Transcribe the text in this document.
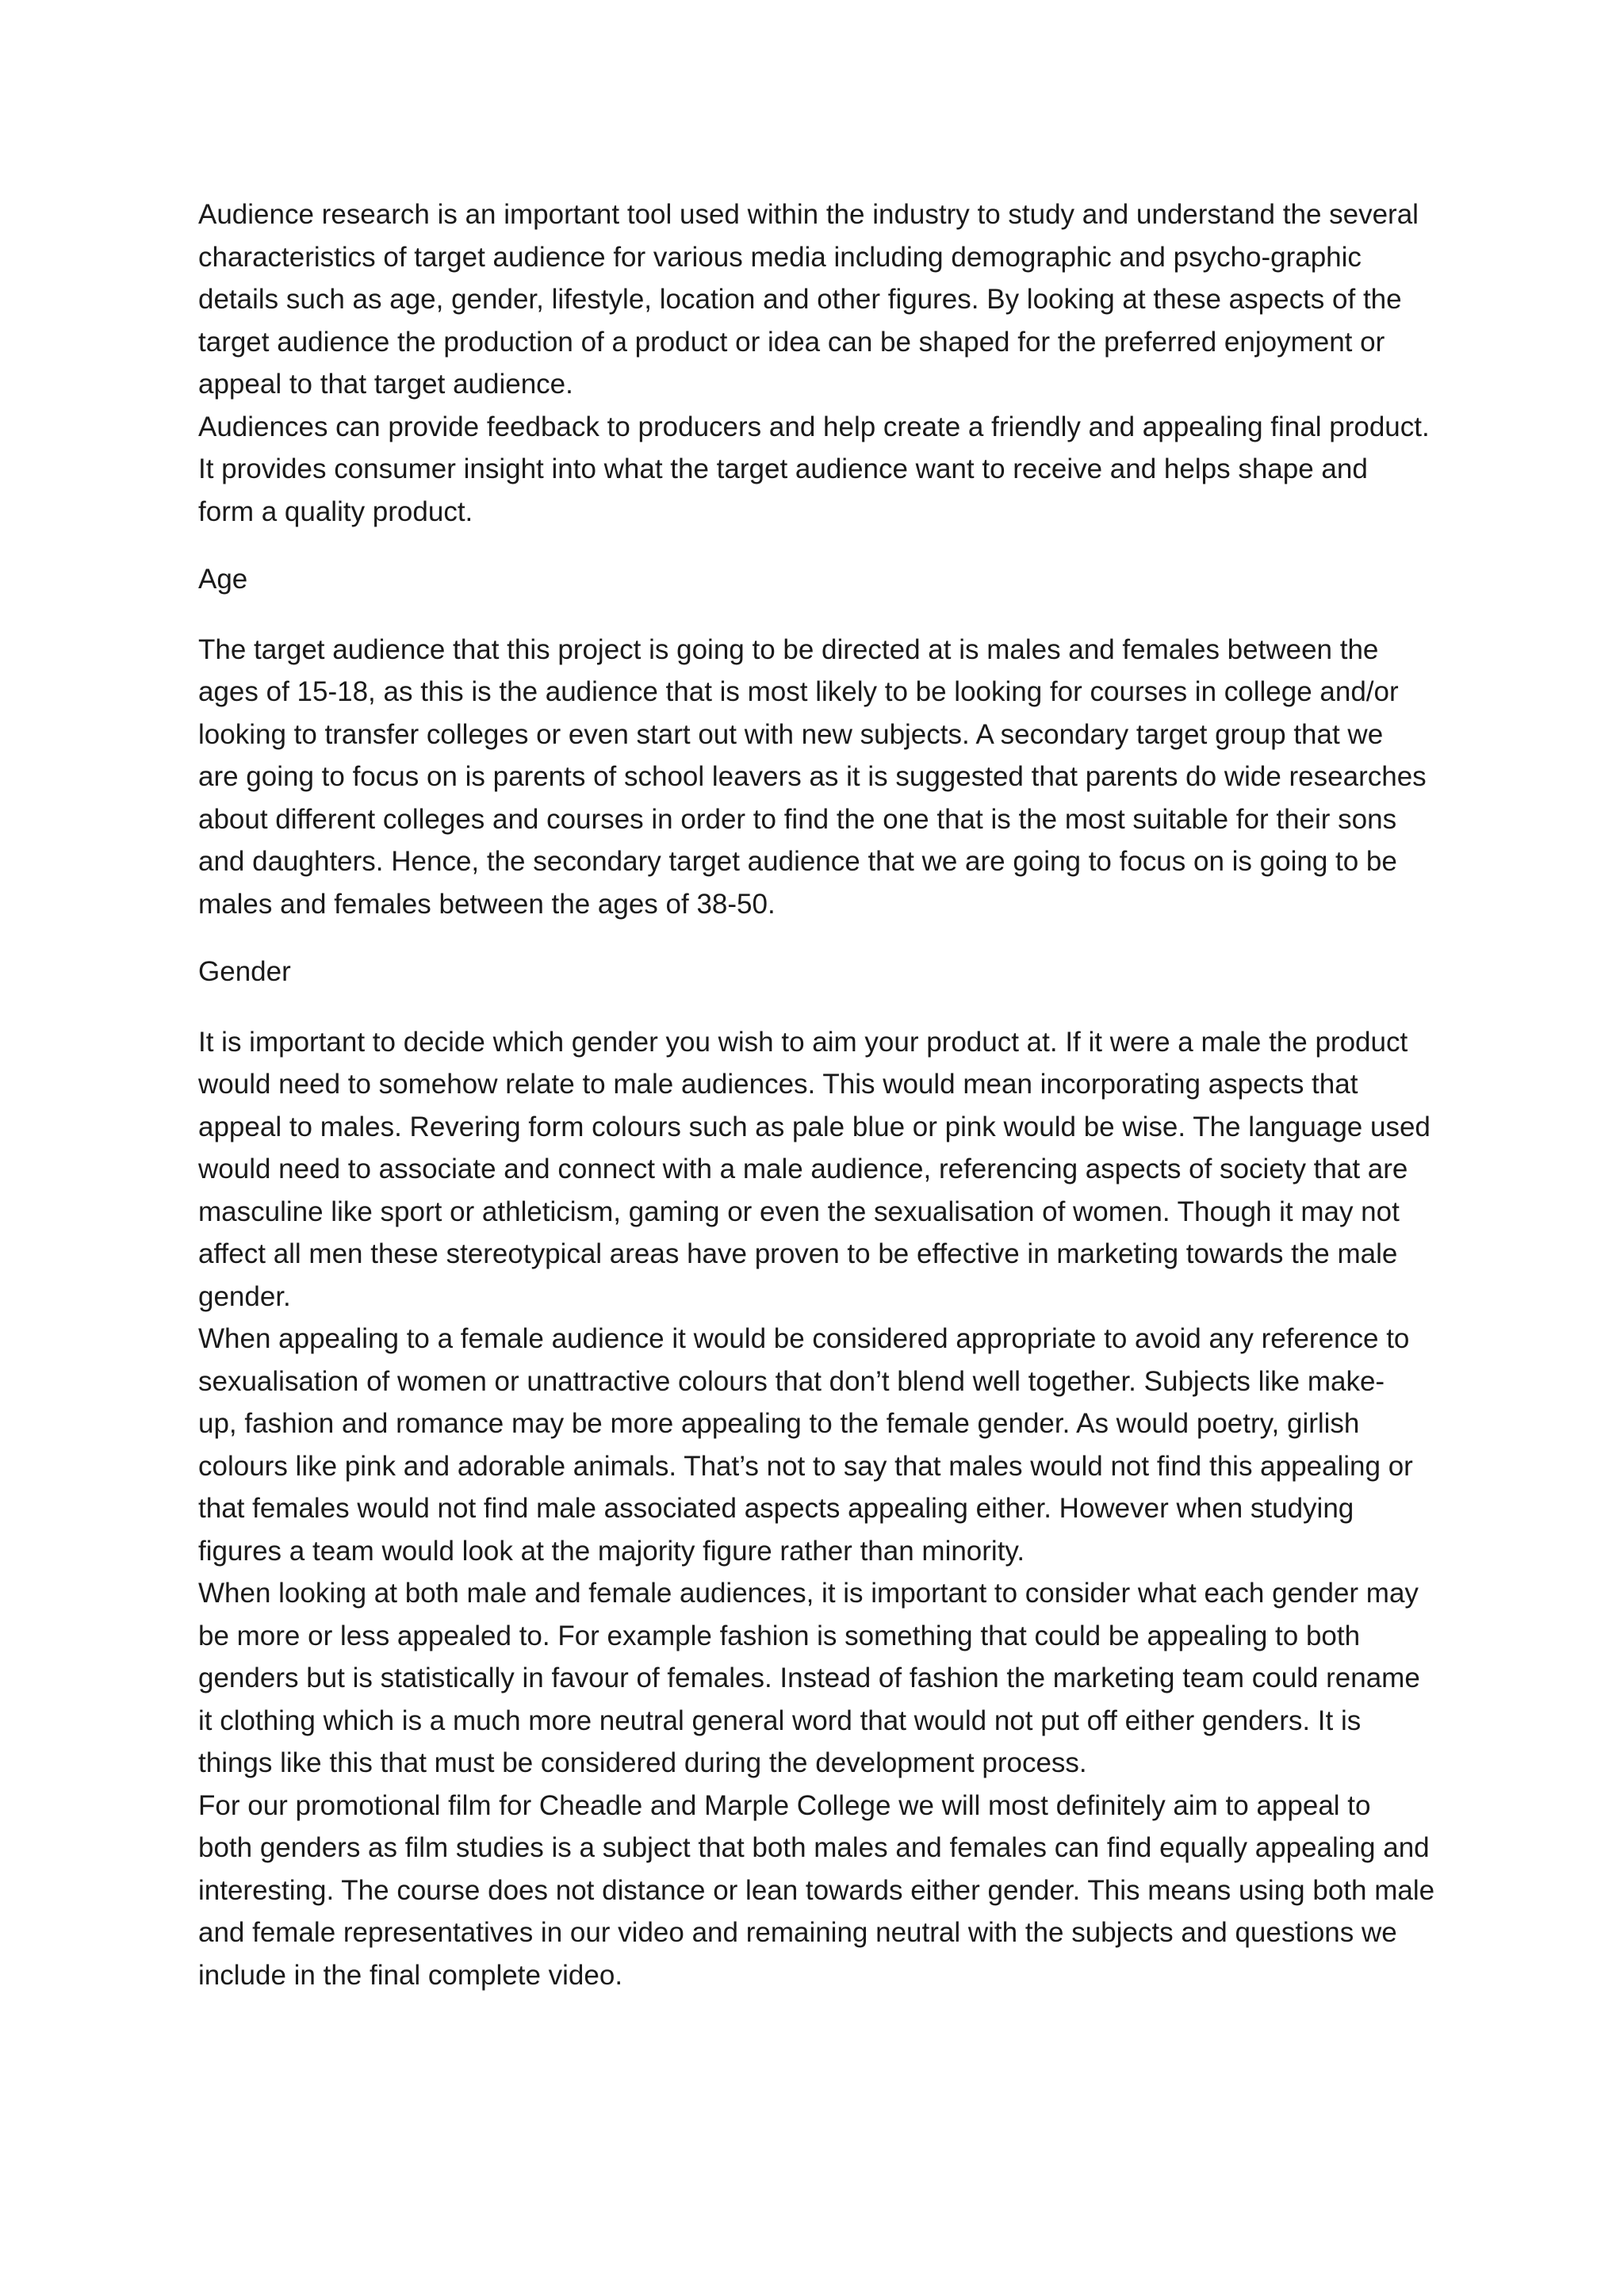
Audience research is an important tool used within the industry to study and understand the several
characteristics of target audience for various media including demographic and psycho-graphic
details such as age, gender, lifestyle, location and other figures. By looking at these aspects of the
target audience the production of a product or idea can be shaped for the preferred enjoyment or
appeal to that target audience.

Audiences can provide feedback to producers and help create a friendly and appealing final product.
It provides consumer insight into what the target audience want to receive and helps shape and
form a quality product.

Age

The target audience that this project is going to be directed at is males and females between the
ages of 15-18, as this is the audience that is most likely to be looking for courses in college and/or
looking to transfer colleges or even start out with new subjects. A secondary target group that we
are going to focus on is parents of school leavers as it is suggested that parents do wide researches
about different colleges and courses in order to find the one that is the most suitable for their sons
and daughters. Hence, the secondary target audience that we are going to focus on is going to be
males and females between the ages of 38-50.

Gender

It is important to decide which gender you wish to aim your product at. If it were a male the product
would need to somehow relate to male audiences. This would mean incorporating aspects that
appeal to males. Revering form colours such as pale blue or pink would be wise. The language used
would need to associate and connect with a male audience, referencing aspects of society that are
masculine like sport or athleticism, gaming or even the sexualisation of women. Though it may not
affect all men these stereotypical areas have proven to be effective in marketing towards the male
gender.

When appealing to a female audience it would be considered appropriate to avoid any reference to
sexualisation of women or unattractive colours that don’t blend well together. Subjects like make-
up, fashion and romance may be more appealing to the female gender. As would poetry, girlish
colours like pink and adorable animals. That’s not to say that males would not find this appealing or
that females would not find male associated aspects appealing either. However when studying
figures a team would look at the majority figure rather than minority.

When looking at both male and female audiences, it is important to consider what each gender may
be more or less appealed to. For example fashion is something that could be appealing to both
genders but is statistically in favour of females. Instead of fashion the marketing team could rename
it clothing which is a much more neutral general word that would not put off either genders. It is
things like this that must be considered during the development process.

For our promotional film for Cheadle and Marple College we will most definitely aim to appeal to
both genders as film studies is a subject that both males and females can find equally appealing and
interesting. The course does not distance or lean towards either gender. This means using both male
and female representatives in our video and remaining neutral with the subjects and questions we
include in the final complete video.
